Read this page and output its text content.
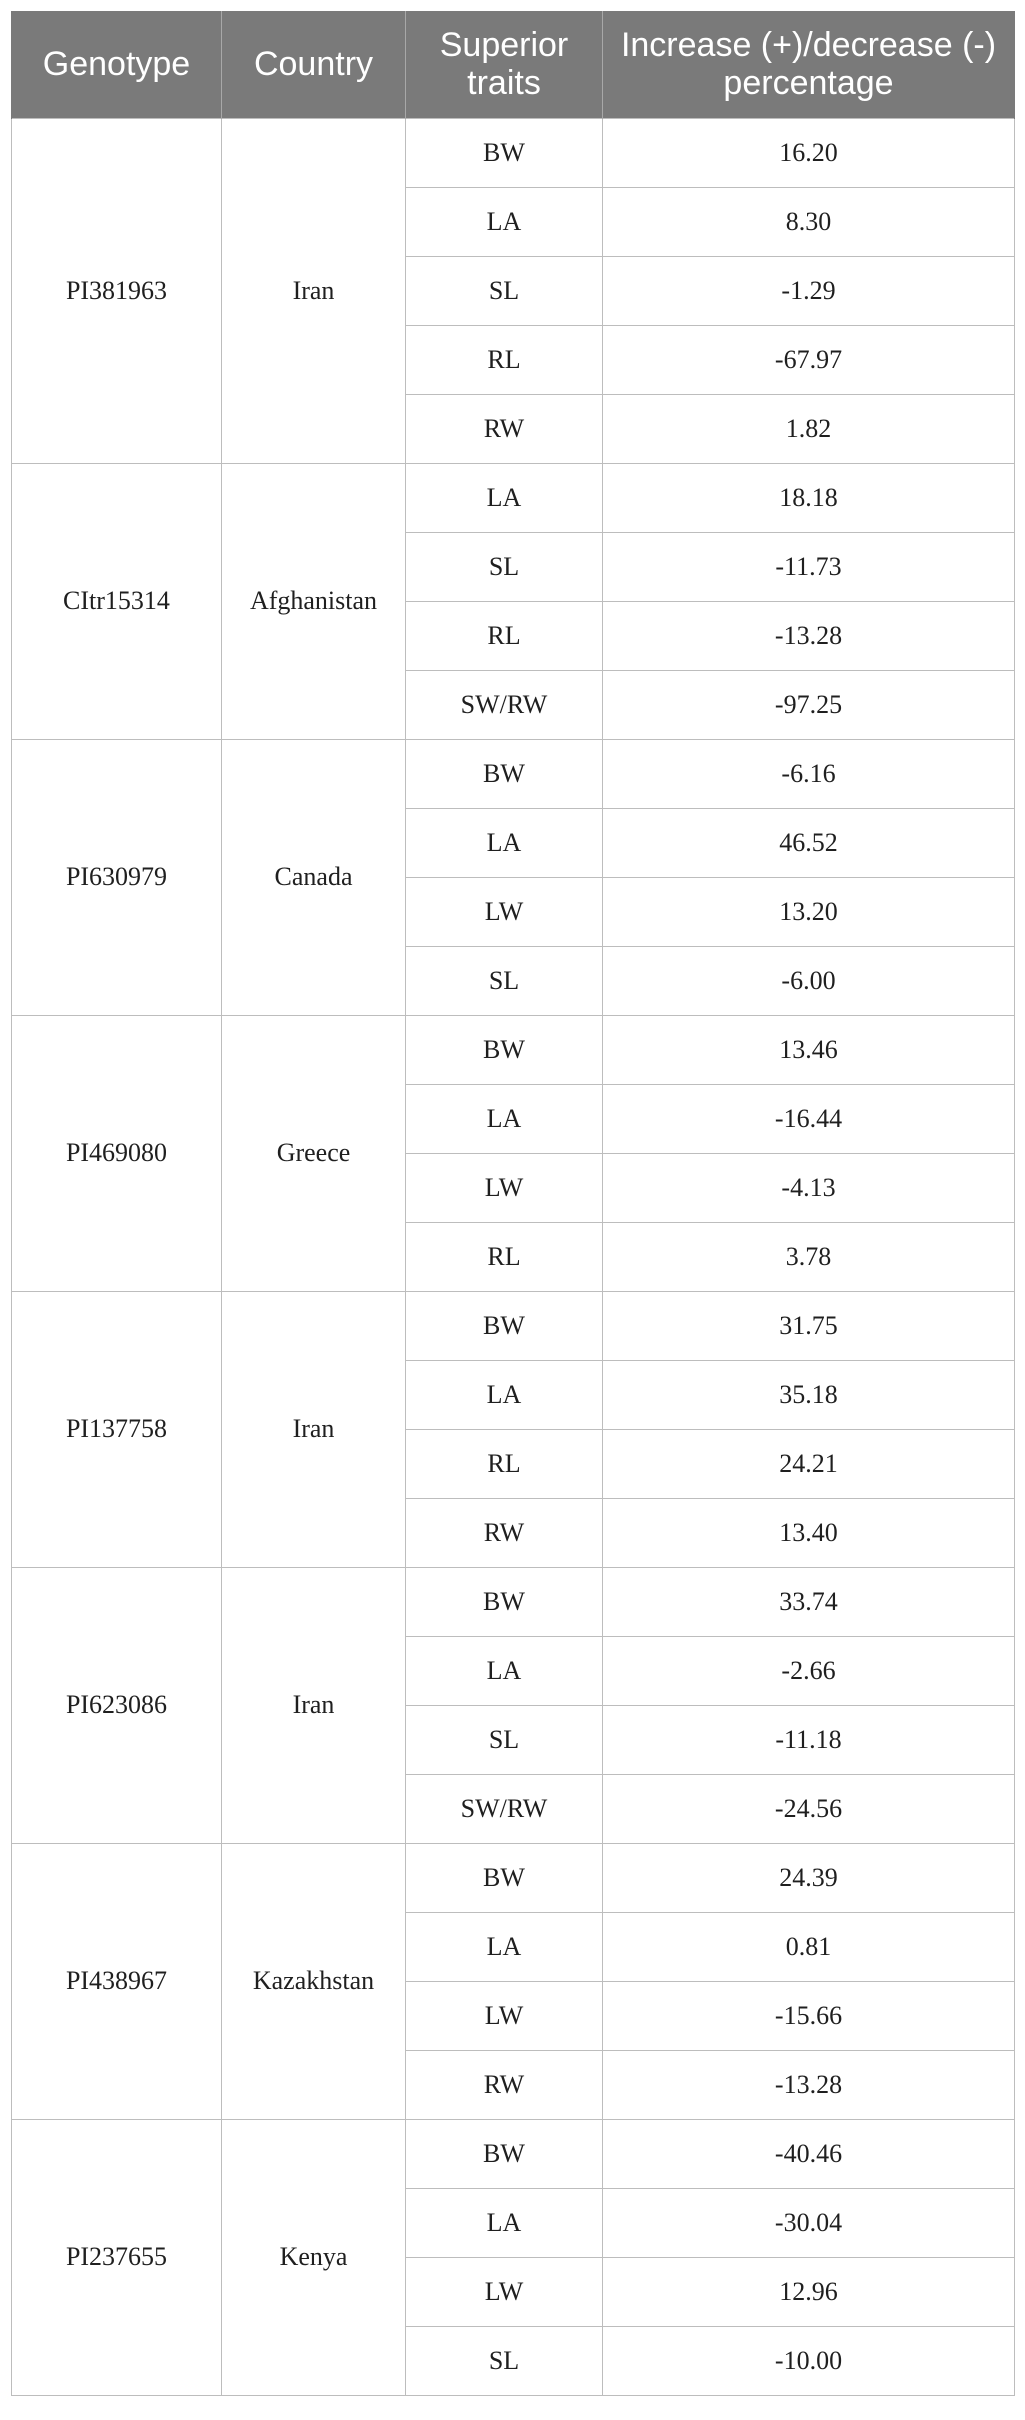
Genotype	Country	Superior traits	Increase (+)/decrease (-) percentage
PI381963	Iran	BW	16.20
		LA	8.30
		SL	-1.29
		RL	-67.97
		RW	1.82
CItr15314	Afghanistan	LA	18.18
		SL	-11.73
		RL	-13.28
		SW/RW	-97.25
PI630979	Canada	BW	-6.16
		LA	46.52
		LW	13.20
		SL	-6.00
PI469080	Greece	BW	13.46
		LA	-16.44
		LW	-4.13
		RL	3.78
PI137758	Iran	BW	31.75
		LA	35.18
		RL	24.21
		RW	13.40
PI623086	Iran	BW	33.74
		LA	-2.66
		SL	-11.18
		SW/RW	-24.56
PI438967	Kazakhstan	BW	24.39
		LA	0.81
		LW	-15.66
		RW	-13.28
PI237655	Kenya	BW	-40.46
		LA	-30.04
		LW	12.96
		SL	-10.00
